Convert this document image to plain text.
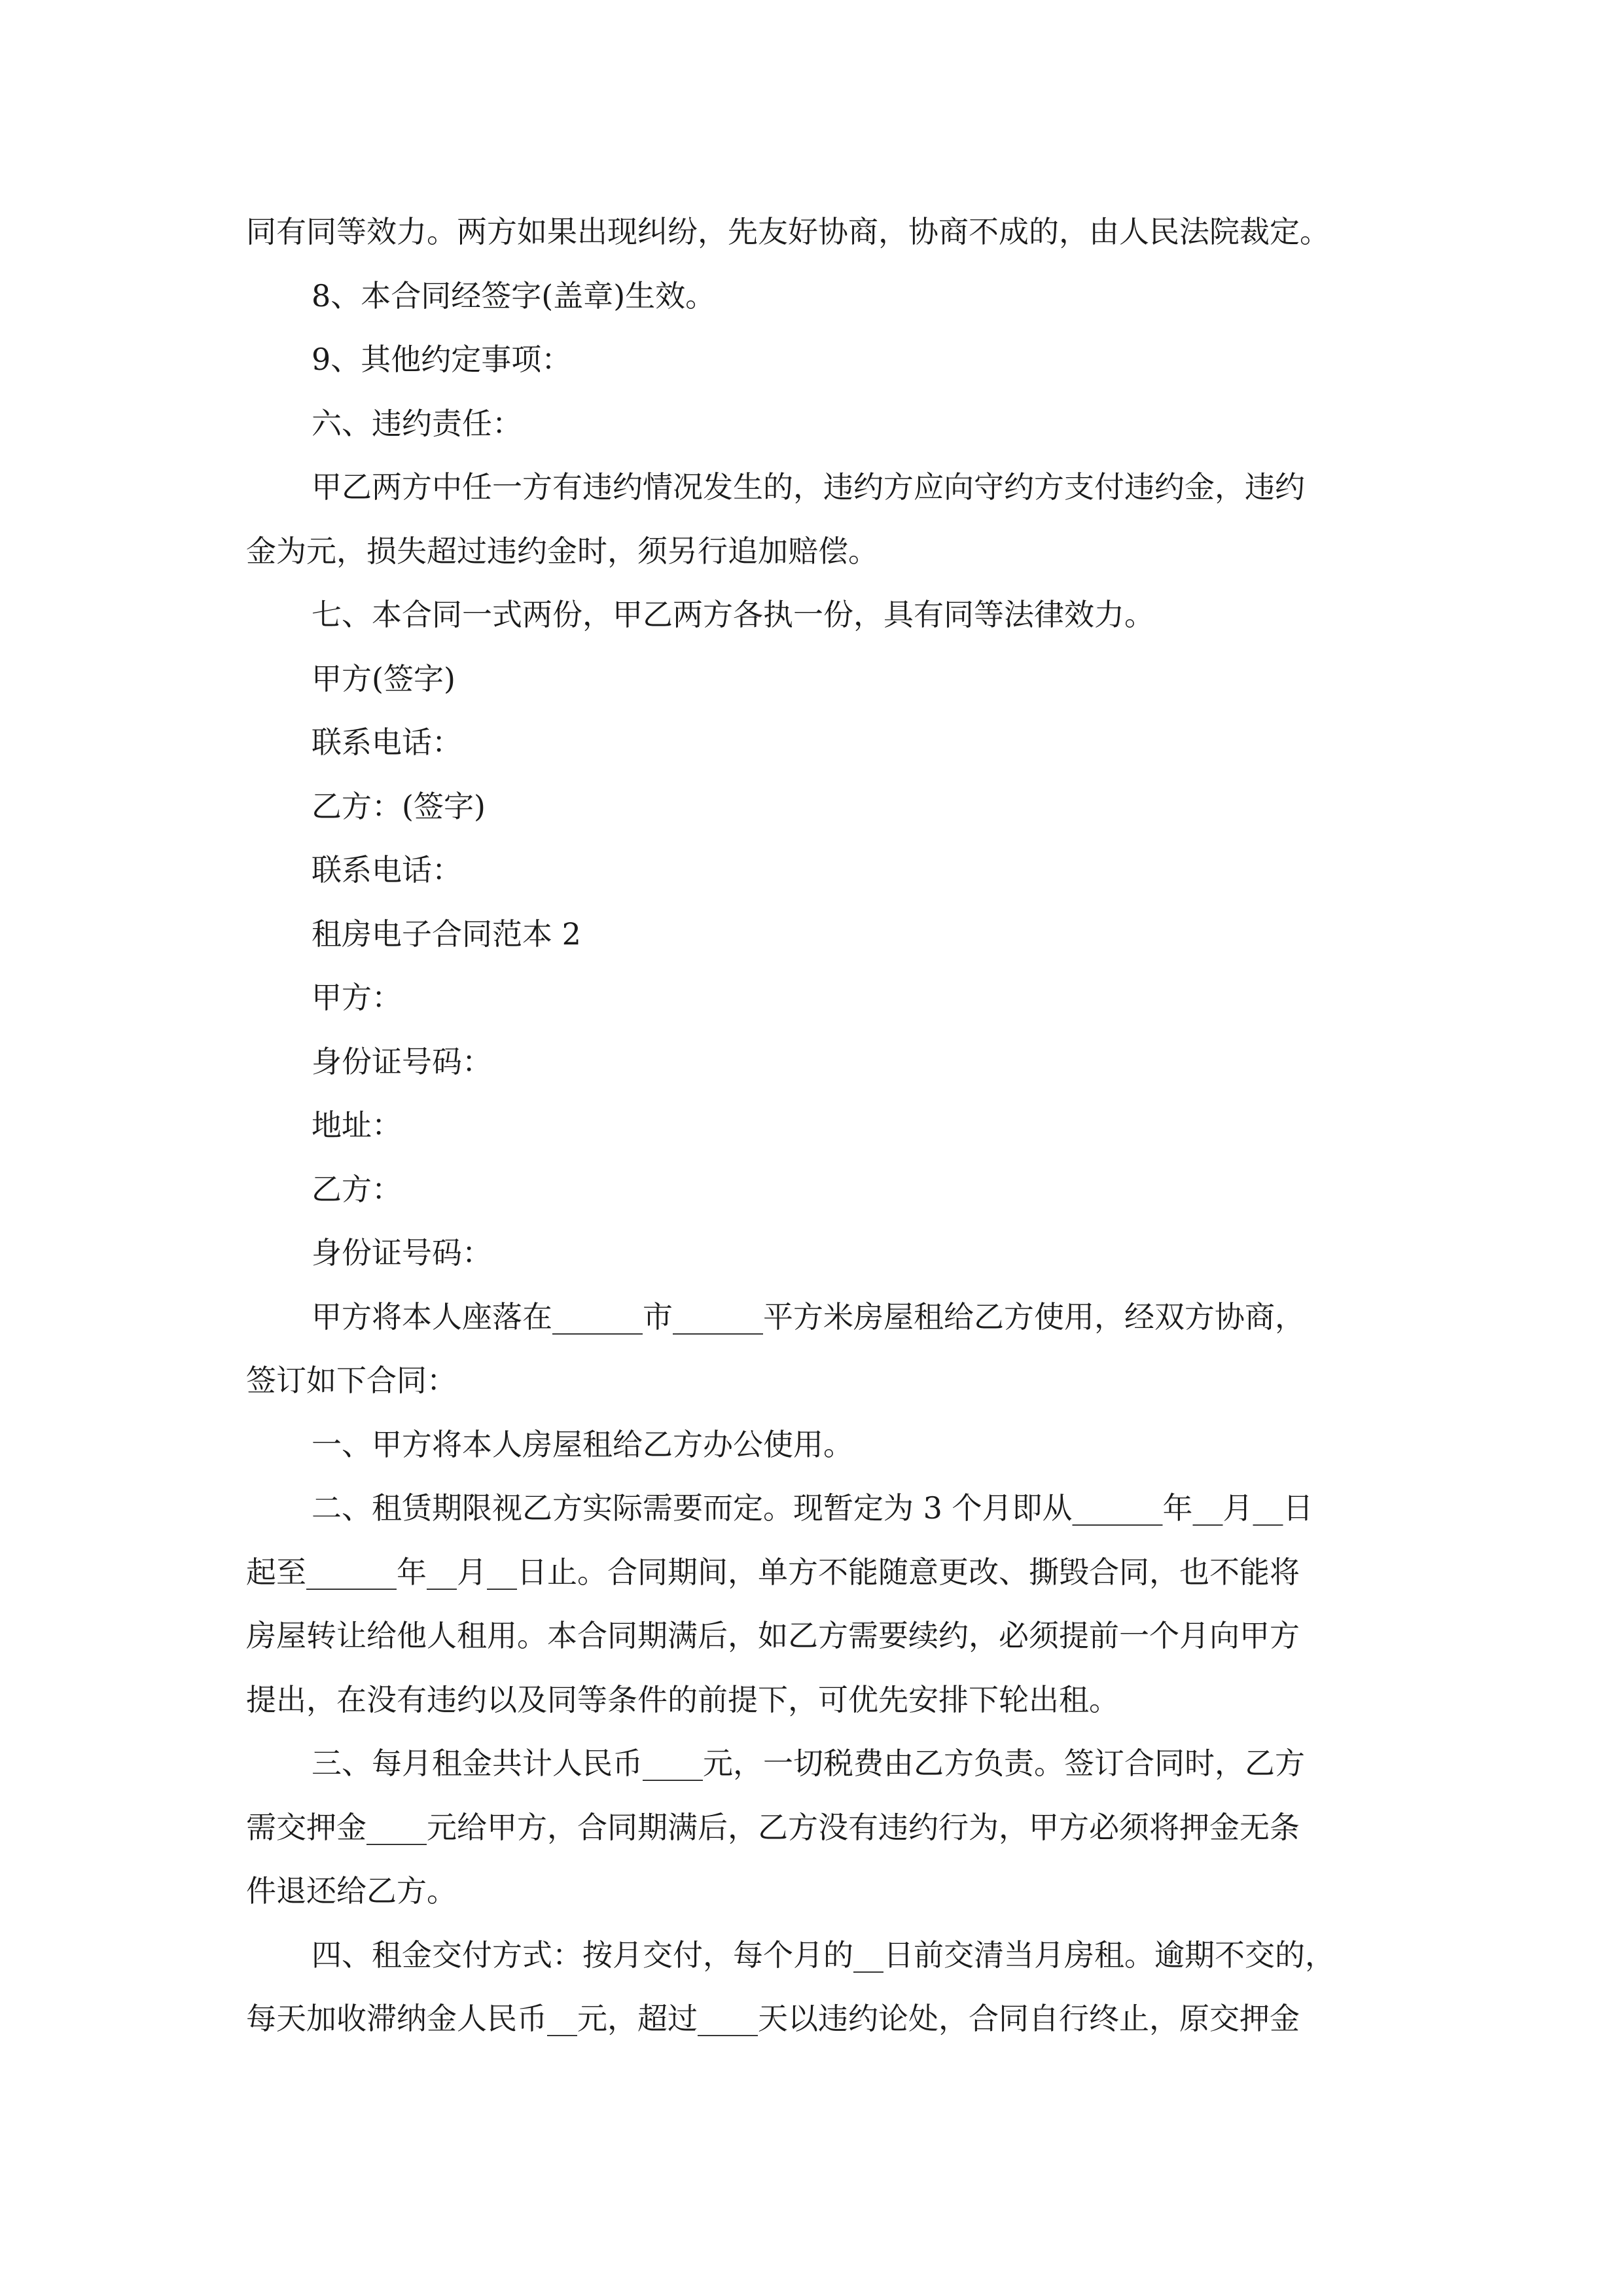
同有同等效力。两方如果出现纠纷，先友好协商，协商不成的，由人民法院裁定。

8、本合同经签字(盖章)生效。

9、其他约定事项：

六、违约责任：

甲乙两方中任一方有违约情况发生的，违约方应向守约方支付违约金，违约

金为元，损失超过违约金时，须另行追加赔偿。

七、本合同一式两份，甲乙两方各执一份，具有同等法律效力。

甲方(签字)

联系电话：

乙方：(签字)

联系电话：

租房电子合同范本 2

甲方：

身份证号码：

地址：

乙方：

身份证号码：

甲方将本人座落在______市______平方米房屋租给乙方使用，经双方协商，

签订如下合同：

一、甲方将本人房屋租给乙方办公使用。

二、租赁期限视乙方实际需要而定。现暂定为 3 个月即从______年__月__日

起至______年__月__日止。合同期间，单方不能随意更改、撕毁合同，也不能将

房屋转让给他人租用。本合同期满后，如乙方需要续约，必须提前一个月向甲方

提出，在没有违约以及同等条件的前提下，可优先安排下轮出租。

三、每月租金共计人民币____元，一切税费由乙方负责。签订合同时，乙方

需交押金____元给甲方，合同期满后，乙方没有违约行为，甲方必须将押金无条

件退还给乙方。

四、租金交付方式：按月交付，每个月的__日前交清当月房租。逾期不交的，

每天加收滞纳金人民币__元，超过____天以违约论处，合同自行终止，原交押金
